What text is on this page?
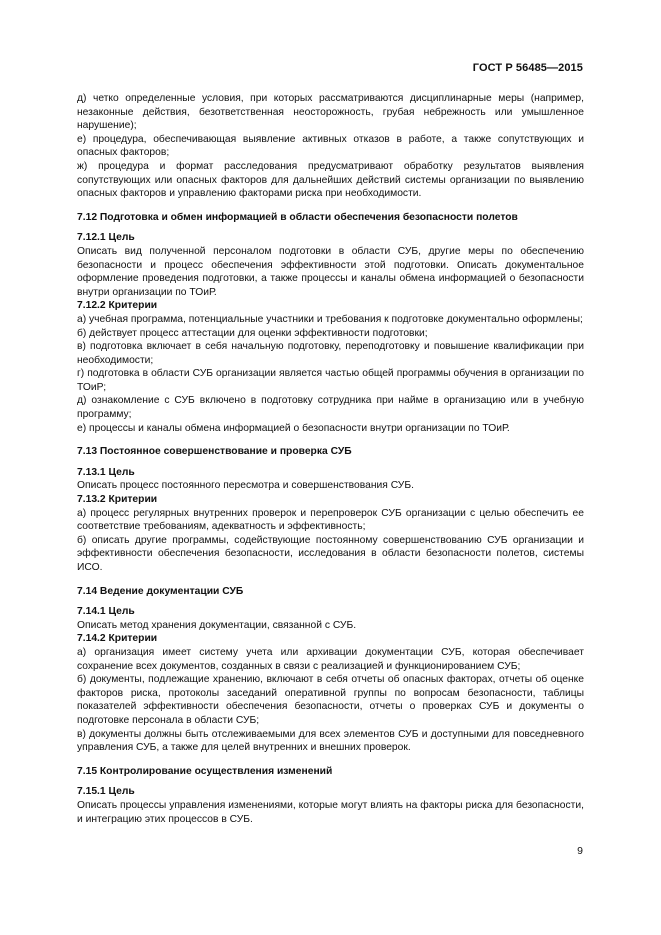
ГОСТ Р 56485—2015

д) четко определенные условия, при которых рассматриваются дисциплинарные меры (например, незаконные действия, безответственная неосторожность, грубая небрежность или умышленное нарушение);

е) процедура, обеспечивающая выявление активных отказов в работе, а также сопутствующих и опасных факторов;

ж) процедура и формат расследования предусматривают обработку результатов выявления сопутствующих или опасных факторов для дальнейших действий системы организации по выявлению опасных факторов и управлению факторами риска при необходимости.

7.12 Подготовка и обмен информацией в области обеспечения безопасности полетов

7.12.1 Цель

Описать вид полученной персоналом подготовки в области СУБ, другие меры по обеспечению безопасности и процесс обеспечения эффективности этой подготовки. Описать документальное оформление проведения подготовки, а также процессы и каналы обмена информацией о безопасности внутри организации по ТОиР.

7.12.2 Критерии

а) учебная программа, потенциальные участники и требования к подготовке документально оформлены;

б) действует процесс аттестации для оценки эффективности подготовки;

в) подготовка включает в себя начальную подготовку, переподготовку и повышение квалификации при необходимости;

г) подготовка в области СУБ организации является частью общей программы обучения в организации по ТОиР;

д) ознакомление с СУБ включено в подготовку сотрудника при найме в организацию или в учебную программу;

е) процессы и каналы обмена информацией о безопасности внутри организации по ТОиР.

7.13 Постоянное совершенствование и проверка СУБ

7.13.1 Цель

Описать процесс постоянного пересмотра и совершенствования СУБ.

7.13.2 Критерии

а) процесс регулярных внутренних проверок и перепроверок СУБ организации с целью обеспечить ее соответствие требованиям, адекватность и эффективность;

б) описать другие программы, содействующие постоянному совершенствованию СУБ организации и эффективности обеспечения безопасности, исследования в области безопасности полетов, системы ИСО.

7.14 Ведение документации СУБ

7.14.1 Цель

Описать метод хранения документации, связанной с СУБ.

7.14.2 Критерии

а) организация имеет систему учета или архивации документации СУБ, которая обеспечивает сохранение всех документов, созданных в связи с реализацией и функционированием СУБ;

б) документы, подлежащие хранению, включают в себя отчеты об опасных факторах, отчеты об оценке факторов риска, протоколы заседаний оперативной группы по вопросам безопасности, таблицы показателей эффективности обеспечения безопасности, отчеты о проверках СУБ и документы о подготовке персонала в области СУБ;

в) документы должны быть отслеживаемыми для всех элементов СУБ и доступными для повседневного управления СУБ, а также для целей внутренних и внешних проверок.

7.15 Контролирование осуществления изменений

7.15.1 Цель

Описать процессы управления изменениями, которые могут влиять на факторы риска для безопасности, и интеграцию этих процессов в СУБ.

9
